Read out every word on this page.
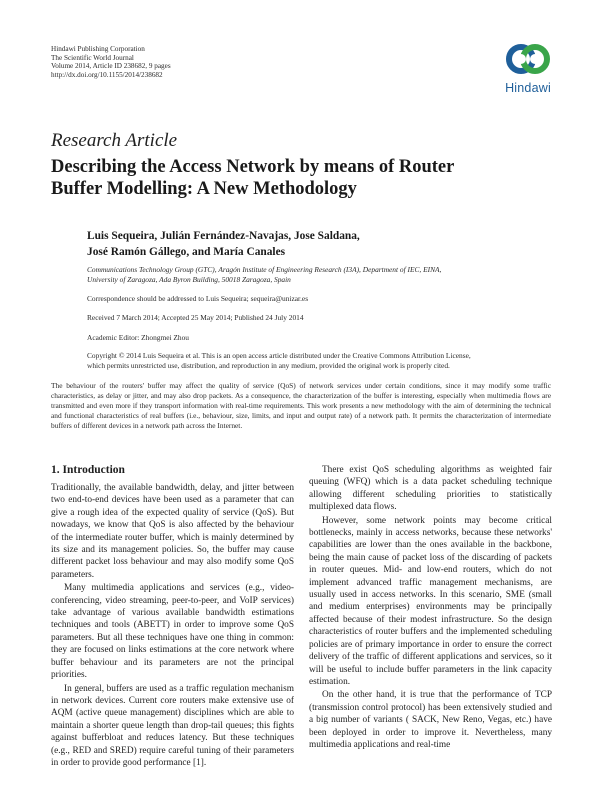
Hindawi Publishing Corporation
The Scientific World Journal
Volume 2014, Article ID 238682, 9 pages
http://dx.doi.org/10.1155/2014/238682
Hindawi
Research Article
Describing the Access Network by means of Router
Buffer Modelling: A New Methodology
Luis Sequeira, Julián Fernández-Navajas, Jose Saldana,
José Ramón Gállego, and María Canales
Communications Technology Group (GTC), Aragón Institute of Engineering Research (I3A), Department of IEC, EINA,
University of Zaragoza, Ada Byron Building, 50018 Zaragoza, Spain
Correspondence should be addressed to Luis Sequeira; sequeira@unizar.es
Received 7 March 2014; Accepted 25 May 2014; Published 24 July 2014
Academic Editor: Zhongmei Zhou
Copyright © 2014 Luis Sequeira et al. This is an open access article distributed under the Creative Commons Attribution License,
which permits unrestricted use, distribution, and reproduction in any medium, provided the original work is properly cited.
The behaviour of the routers' buffer may affect the quality of service (QoS) of network services under certain conditions, since it may modify some traffic characteristics, as delay or jitter, and may also drop packets. As a consequence, the characterization of the buffer is interesting, especially when multimedia flows are transmitted and even more if they transport information with real-time requirements. This work presents a new methodology with the aim of determining the technical and functional characteristics of real buffers (i.e., behaviour, size, limits, and input and output rate) of a network path. It permits the characterization of intermediate buffers of different devices in a network path across the Internet.
1. Introduction

Traditionally, the available bandwidth, delay, and jitter between two end-to-end devices have been used as a parameter that can give a rough idea of the expected quality of service (QoS). But nowadays, we know that QoS is also affected by the behaviour of the intermediate router buffer, which is mainly determined by its size and its management policies. So, the buffer may cause different packet loss behaviour and may also modify some QoS parameters.

Many multimedia applications and services (e.g., video-conferencing, video streaming, peer-to-peer, and VoIP services) take advantage of various available bandwidth estimations techniques and tools (ABETT) in order to improve some QoS parameters. But all these techniques have one thing in common: they are focused on links estimations at the core network where buffer behaviour and its parameters are not the principal priorities.

In general, buffers are used as a traffic regulation mechanism in network devices. Current core routers make extensive use of AQM (active queue management) disciplines which are able to maintain a shorter queue length than drop-tail queues; this fights against bufferbloat and reduces latency. But these techniques (e.g., RED and SRED) require careful tuning of their parameters in order to provide good performance [1].

There exist QoS scheduling algorithms as weighted fair queuing (WFQ) which is a data packet scheduling technique allowing different scheduling priorities to statistically multiplexed data flows.

However, some network points may become critical bottlenecks, mainly in access networks, because these networks' capabilities are lower than the ones available in the backbone, being the main cause of packet loss of the discarding of packets in router queues. Mid- and low-end routers, which do not implement advanced traffic management mechanisms, are usually used in access networks. In this scenario, SME (small and medium enterprises) environments may be principally affected because of their modest infrastructure. So the design characteristics of router buffers and the implemented scheduling policies are of primary importance in order to ensure the correct delivery of the traffic of different applications and services, so it will be useful to include buffer parameters in the link capacity estimation.

On the other hand, it is true that the performance of TCP (transmission control protocol) has been extensively studied and a big number of variants ( SACK, New Reno, Vegas, etc.) have been deployed in order to improve it. Nevertheless, many multimedia applications and real-time
